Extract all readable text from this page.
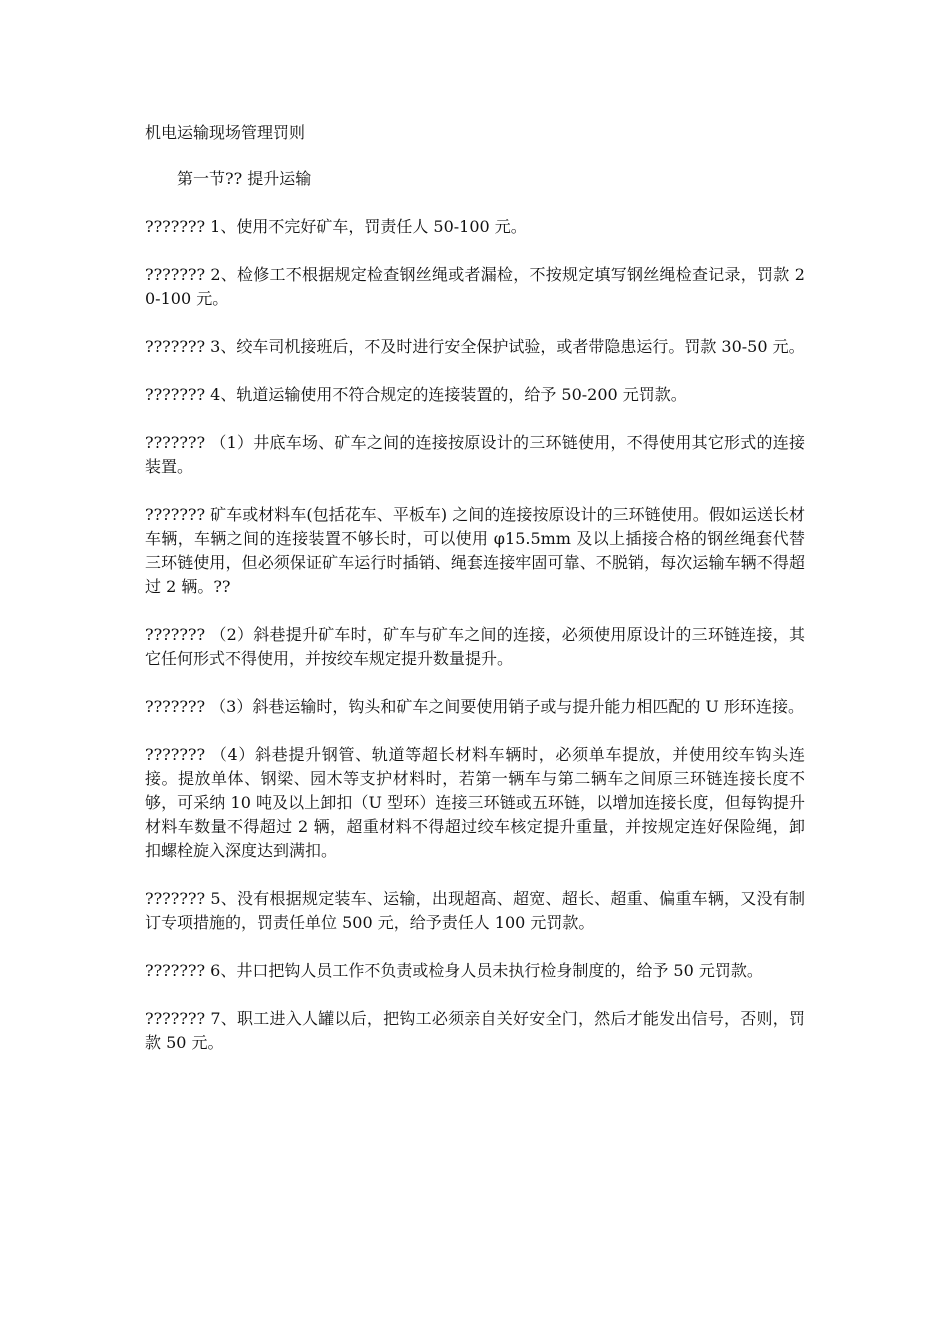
机电运输现场管理罚则
第一节?? 提升运输

??????? 1、使用不完好矿车，罚责任人 50-100 元。

??????? 2、检修工不根据规定检查钢丝绳或者漏检，不按规定填写钢丝绳检查记录，罚款 20-100 元。

??????? 3、绞车司机接班后，不及时进行安全保护试验，或者带隐患运行。罚款 30-50 元。

??????? 4、轨道运输使用不符合规定的连接装置的，给予 50-200 元罚款。

??????? （1）井底车场、矿车之间的连接按原设计的三环链使用，不得使用其它形式的连接装置。

??????? 矿车或材料车(包括花车、平板车) 之间的连接按原设计的三环链使用。假如运送长材车辆，车辆之间的连接装置不够长时，可以使用 φ15.5mm 及以上插接合格的钢丝绳套代替三环链使用，但必须保证矿车运行时插销、绳套连接牢固可靠、不脱销，每次运输车辆不得超过 2 辆。??

??????? （2）斜巷提升矿车时，矿车与矿车之间的连接，必须使用原设计的三环链连接，其它任何形式不得使用，并按绞车规定提升数量提升。

??????? （3）斜巷运输时，钩头和矿车之间要使用销子或与提升能力相匹配的 U 形环连接。

??????? （4）斜巷提升钢管、轨道等超长材料车辆时，必须单车提放，并使用绞车钩头连接。提放单体、钢梁、园木等支护材料时，若第一辆车与第二辆车之间原三环链连接长度不够，可采纳 10 吨及以上卸扣（U 型环）连接三环链或五环链，以增加连接长度，但每钩提升材料车数量不得超过 2 辆，超重材料不得超过绞车核定提升重量，并按规定连好保险绳，卸扣螺栓旋入深度达到满扣。

??????? 5、没有根据规定装车、运输，出现超高、超宽、超长、超重、偏重车辆，又没有制订专项措施的，罚责任单位 500 元，给予责任人 100 元罚款。

??????? 6、井口把钩人员工作不负责或检身人员未执行检身制度的，给予 50 元罚款。

??????? 7、职工进入人罐以后，把钩工必须亲自关好安全门，然后才能发出信号，否则，罚款 50 元。
